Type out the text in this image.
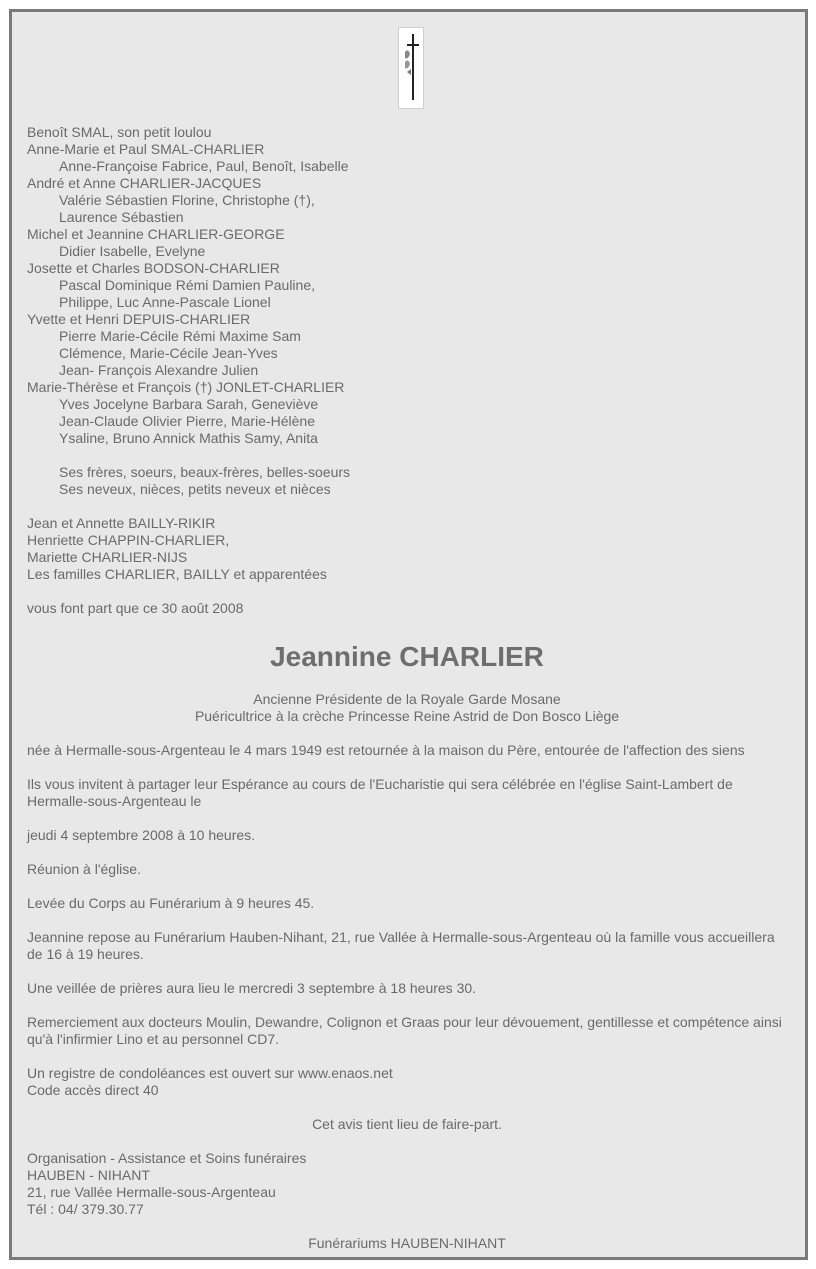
Benoît SMAL, son petit loulou
Anne-Marie et Paul SMAL-CHARLIER
Anne-Françoise Fabrice, Paul, Benoît, Isabelle
André et Anne CHARLIER-JACQUES
Valérie Sébastien Florine, Christophe (†),
Laurence Sébastien
Michel et Jeannine CHARLIER-GEORGE
Didier Isabelle, Evelyne
Josette et Charles BODSON-CHARLIER
Pascal Dominique Rémi Damien Pauline,
Philippe, Luc Anne-Pascale Lionel
Yvette et Henri DEPUIS-CHARLIER
Pierre Marie-Cécile Rémi Maxime Sam
Clémence, Marie-Cécile Jean-Yves
Jean- François Alexandre Julien
Marie-Thérèse et François (†) JONLET-CHARLIER
Yves Jocelyne Barbara Sarah, Geneviève
Jean-Claude Olivier Pierre, Marie-Hélène
Ysaline, Bruno Annick Mathis Samy, Anita
Ses frères, soeurs, beaux-frères, belles-soeurs
Ses neveux, nièces, petits neveux et nièces
Jean et Annette BAILLY-RIKIR
Henriette CHAPPIN-CHARLIER,
Mariette CHARLIER-NIJS
Les familles CHARLIER, BAILLY et apparentées
vous font part que ce 30 août 2008
Jeannine CHARLIER
Ancienne Présidente de la Royale Garde Mosane
Puéricultrice à la crèche Princesse Reine Astrid de Don Bosco Liège
née à Hermalle-sous-Argenteau le 4 mars 1949 est retournée à la maison du Père, entourée de l'affection des siens
Ils vous invitent à partager leur Espérance au cours de l'Eucharistie qui sera célébrée en l'église Saint-Lambert de Hermalle-sous-Argenteau le
jeudi 4 septembre 2008 à 10 heures.
Réunion à l'église.
Levée du Corps au Funérarium à 9 heures 45.
Jeannine repose au Funérarium Hauben-Nihant, 21, rue Vallée à Hermalle-sous-Argenteau où la famille vous accueillera de 16 à 19 heures.
Une veillée de prières aura lieu le mercredi 3 septembre à 18 heures 30.
Remerciement aux docteurs Moulin, Dewandre, Colignon et Graas pour leur dévouement, gentillesse et compétence ainsi qu'à l'infirmier Lino et au personnel CD7.
Un registre de condoléances est ouvert sur www.enaos.net
Code accès direct 40
Cet avis tient lieu de faire-part.
Organisation - Assistance et Soins funéraires
HAUBEN - NIHANT
21, rue Vallée Hermalle-sous-Argenteau
Tél : 04/ 379.30.77
Funérariums HAUBEN-NIHANT
